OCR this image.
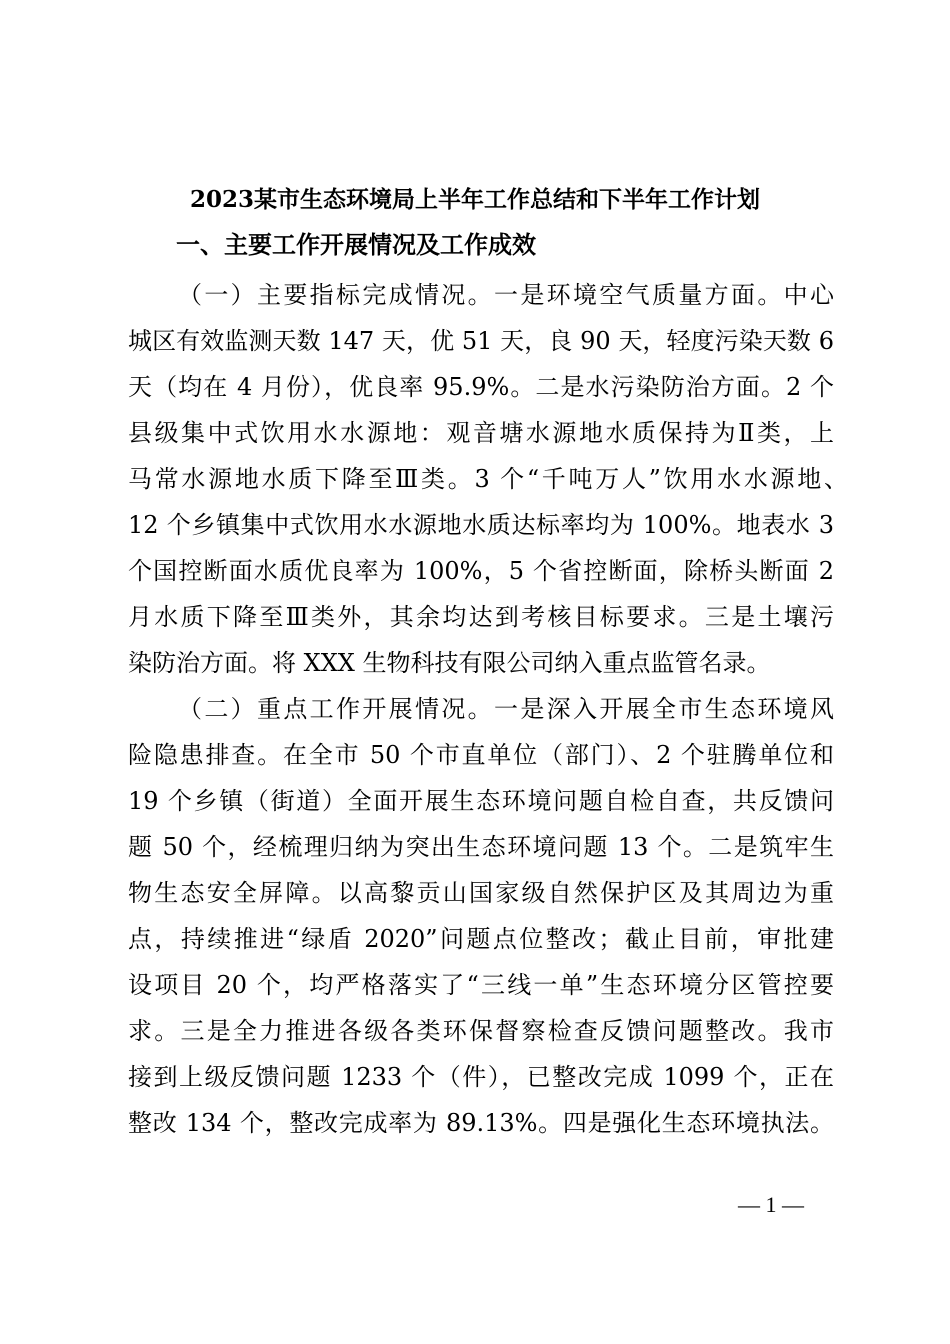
2023某市生态环境局上半年工作总结和下半年工作计划
一、主要工作开展情况及工作成效
（一）主要指标完成情况。一是环境空气质量方面。中心
城区有效监测天数 147 天，优 51 天，良 90 天，轻度污染天数 6
天（均在 4 月份），优良率 95.9%。二是水污染防治方面。2 个
县级集中式饮用水水源地：观音塘水源地水质保持为Ⅱ类，上
马常水源地水质下降至Ⅲ类。3 个“千吨万人”饮用水水源地、
12 个乡镇集中式饮用水水源地水质达标率均为 100%。地表水 3
个国控断面水质优良率为 100%，5 个省控断面，除桥头断面 2
月水质下降至Ⅲ类外，其余均达到考核目标要求。三是土壤污
染防治方面。将 XXX 生物科技有限公司纳入重点监管名录。
（二）重点工作开展情况。一是深入开展全市生态环境风
险隐患排查。在全市 50 个市直单位（部门）、2 个驻腾单位和
19 个乡镇（街道）全面开展生态环境问题自检自查，共反馈问
题 50 个，经梳理归纳为突出生态环境问题 13 个。二是筑牢生
物生态安全屏障。以高黎贡山国家级自然保护区及其周边为重
点，持续推进“绿盾 2020”问题点位整改；截止目前，审批建
设项目 20 个，均严格落实了“三线一单”生态环境分区管控要
求。三是全力推进各级各类环保督察检查反馈问题整改。我市
接到上级反馈问题 1233 个（件），已整改完成 1099 个，正在
整改 134 个，整改完成率为 89.13%。四是强化生态环境执法。
— 1 —
